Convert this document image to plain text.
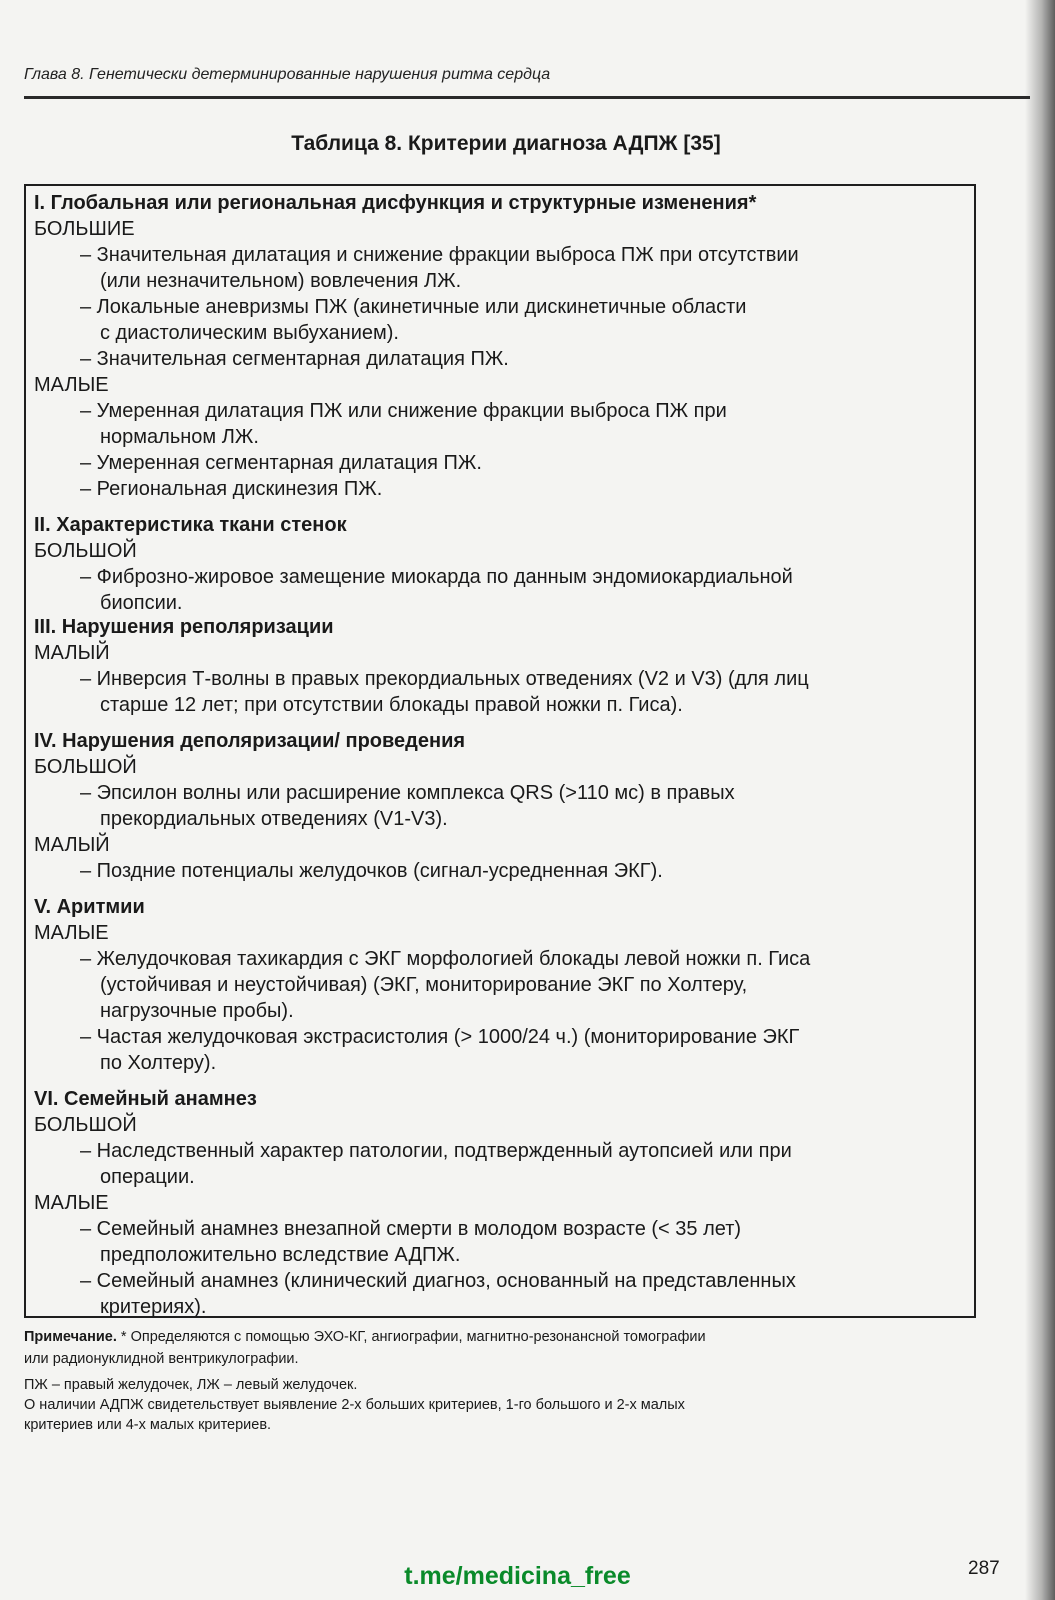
Глава 8. Генетически детерминированные нарушения ритма сердца
Таблица 8. Критерии диагноза АДПЖ [35]
I. Глобальная или региональная дисфункция и структурные изменения*
БОЛЬШИЕ
– Значительная дилатация и снижение фракции выброса ПЖ при отсутствии
(или незначительном) вовлечения ЛЖ.
– Локальные аневризмы ПЖ (акинетичные или дискинетичные области
с диастолическим выбуханием).
– Значительная сегментарная дилатация ПЖ.
МАЛЫЕ
– Умеренная дилатация ПЖ или снижение фракции выброса ПЖ при
нормальном ЛЖ.
– Умеренная сегментарная дилатация ПЖ.
– Региональная дискинезия ПЖ.
II. Характеристика ткани стенок
БОЛЬШОЙ
– Фиброзно-жировое замещение миокарда по данным эндомиокардиальной
биопсии.
III. Нарушения реполяризации
МАЛЫЙ
– Инверсия Т-волны в правых прекордиальных отведениях (V2 и V3) (для лиц
старше 12 лет; при отсутствии блокады правой ножки п. Гиса).
IV. Нарушения деполяризации/ проведения
БОЛЬШОЙ
– Эпсилон волны или расширение комплекса QRS (>110 мс) в правых
прекордиальных отведениях (V1-V3).
МАЛЫЙ
– Поздние потенциалы желудочков (сигнал-усредненная ЭКГ).
V. Аритмии
МАЛЫЕ
– Желудочковая тахикардия с ЭКГ морфологией блокады левой ножки п. Гиса
(устойчивая и неустойчивая) (ЭКГ, мониторирование ЭКГ по Холтеру,
нагрузочные пробы).
– Частая желудочковая экстрасистолия (> 1000/24 ч.) (мониторирование ЭКГ
по Холтеру).
VI. Семейный анамнез
БОЛЬШОЙ
– Наследственный характер патологии, подтвержденный аутопсией или при
операции.
МАЛЫЕ
– Семейный анамнез внезапной смерти в молодом возрасте (< 35 лет)
предположительно вследствие АДПЖ.
– Семейный анамнез (клинический диагноз, основанный на представленных
критериях).
Примечание. * Определяются с помощью ЭХО-КГ, ангиографии, магнитно-резонансной томографии
или радионуклидной вентрикулографии.
ПЖ – правый желудочек, ЛЖ – левый желудочек.
О наличии АДПЖ свидетельствует выявление 2-х больших критериев, 1-го большого и 2-х малых
критериев или 4-х малых критериев.
t.me/medicina_free	287
